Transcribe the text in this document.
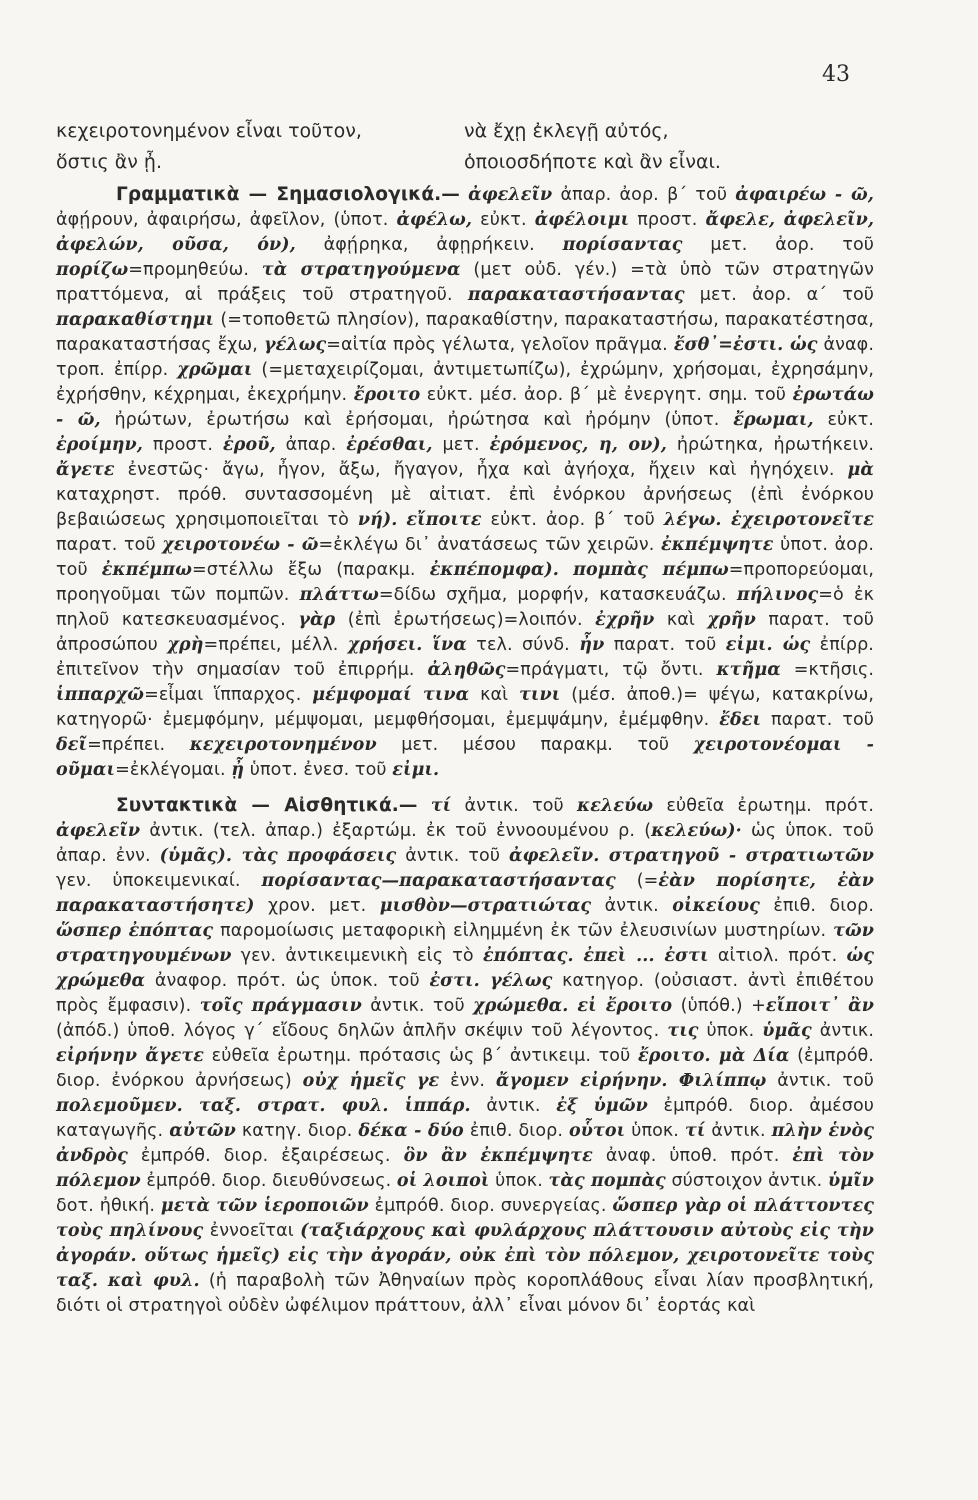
43
κεχειροτονημένον εἶναι τοῦτον,	νὰ ἔχῃ ἐκλεγῇ αὐτός,
ὅστις ἂν ᾖ.	ὁποιοσδήποτε καὶ ἂν εἶναι.

Γραμματικὰ — Σημασιολογικά.— ἀφελεῖν ἀπαρ. ἀορ. β΄ τοῦ ἀφαιρέω - ῶ, ἀφῄρουν, ἀφαιρήσω, ἀφεῖλον, (ὑποτ. ἀφέλω, εὐκτ. ἀφέλοιμι προστ. ἄφελε, ἀφελεῖν, ἀφελών, οῦσα, όν), ἀφῄρηκα, ἀφῃρήκειν. πορίσαντας μετ. ἀορ. τοῦ πορίζω=προμηθεύω. τὰ στρατηγούμενα (μετ οὐδ. γέν.) =τὰ ὑπὸ τῶν στρατηγῶν πραττόμενα, αἱ πράξεις τοῦ στρατηγοῦ. παρακαταστήσαντας μετ. ἀορ. α΄ τοῦ παρακαθίστημι (=τοποθετῶ πλησίον), παρακαθίστην, παρακαταστήσω, παρακατέστησα, παρακαταστήσας ἔχω, γέλως=αἰτία πρὸς γέλωτα, γελοῖον πρᾶγμα. ἔσθ᾽=ἐστι. ὡς ἀναφ. τροπ. ἐπίρρ. χρῶμαι (=μεταχειρίζομαι, ἀντιμετωπίζω), ἐχρώμην, χρήσομαι, ἐχρησάμην, ἐχρήσθην, κέχρημαι, ἐκεχρήμην. ἔροιτο εὐκτ. μέσ. ἀορ. β΄ μὲ ἐνεργητ. σημ. τοῦ ἐρωτάω - ῶ, ἠρώτων, ἐρωτήσω καὶ ἐρήσομαι, ἠρώτησα καὶ ἠρόμην (ὑποτ. ἔρωμαι, εὐκτ. ἐροίμην, προστ. ἐροῦ, ἀπαρ. ἐρέσθαι, μετ. ἐρόμενος, η, ον), ἠρώτηκα, ἠρωτήκειν. ἄγετε ἐνεστῶς· ἄγω, ἦγον, ἄξω, ἤγαγον, ἦχα καὶ ἀγήοχα, ἤχειν καὶ ἠγηόχειν. μὰ καταχρηστ. πρόθ. συντασσομένη μὲ αἰτιατ. ἐπὶ ἐνόρκου ἀρνήσεως (ἐπὶ ἐνόρκου βεβαιώσεως χρησιμοποιεῖται τὸ νή). εἴποιτε εὐκτ. ἀορ. β΄ τοῦ λέγω. ἐχειροτονεῖτε παρατ. τοῦ χειροτονέω - ῶ=ἐκλέγω δι᾽ ἀνατάσεως τῶν χειρῶν. ἐκπέμψητε ὑποτ. ἀορ. τοῦ ἐκπέμπω=στέλλω ἔξω (παρακμ. ἐκπέπομφα). πομπὰς πέμπω=προπορεύομαι, προηγοῦμαι τῶν πομπῶν. πλάττω=δίδω σχῆμα, μορφήν, κατασκευάζω. πήλινος=ὁ ἐκ πηλοῦ κατεσκευασμένος. γὰρ (ἐπὶ ἐρωτήσεως)=λοιπόν. ἐχρῆν καὶ χρῆν παρατ. τοῦ ἀπροσώπου χρὴ=πρέπει, μέλλ. χρήσει. ἵνα τελ. σύνδ. ἦν παρατ. τοῦ εἰμι. ὡς ἐπίρρ. ἐπιτεῖνον τὴν σημασίαν τοῦ ἐπιρρήμ. ἀληθῶς=πράγματι, τῷ ὄντι. κτῆμα =κτῆσις. ἱππαρχῶ=εἶμαι ἵππαρχος. μέμφομαί τινα καὶ τινι (μέσ. ἀποθ.)= ψέγω, κατακρίνω, κατηγορῶ· ἐμεμφόμην, μέμψομαι, μεμφθήσομαι, ἐμεμψάμην, ἐμέμφθην. ἔδει παρατ. τοῦ δεῖ=πρέπει. κεχειροτονημένον μετ. μέσου παρακμ. τοῦ χειροτονέομαι - οῦμαι=ἐκλέγομαι. ᾖ ὑποτ. ἐνεσ. τοῦ εἰμι.

Συντακτικὰ — Αἰσθητικά.— τί ἀντικ. τοῦ κελεύω εὐθεῖα ἐρωτημ. πρότ. ἀφελεῖν ἀντικ. (τελ. ἀπαρ.) ἐξαρτώμ. ἐκ τοῦ ἐννοουμένου ρ. (κελεύω)· ὡς ὑποκ. τοῦ ἀπαρ. ἐνν. (ὑμᾶς). τὰς προφάσεις ἀντικ. τοῦ ἀφελεῖν. στρατηγοῦ - στρατιωτῶν γεν. ὑποκειμενικαί. πορίσαντας—παρακαταστήσαντας (=ἐὰν πορίσητε, ἐὰν παρακαταστήσητε) χρον. μετ. μισθὸν—στρατιώτας ἀντικ. οἰκείους ἐπιθ. διορ. ὥσπερ ἐπόπτας παρομοίωσις μεταφορικὴ εἰλημμένη ἐκ τῶν ἐλευσινίων μυστηρίων. τῶν στρατηγουμένων γεν. ἀντικειμενικὴ εἰς τὸ ἐπόπτας. ἐπεὶ ... ἐστι αἰτιολ. πρότ. ὡς χρώμεθα ἀναφορ. πρότ. ὡς ὑποκ. τοῦ ἐστι. γέλως κατηγορ. (οὐσιαστ. ἀντὶ ἐπιθέτου πρὸς ἔμφασιν). τοῖς πράγμασιν ἀντικ. τοῦ χρώμεθα. εἰ ἔροιτο (ὑπόθ.) +εἴποιτ᾽ ἂν (ἀπόδ.) ὑποθ. λόγος γ΄ εἴδους δηλῶν ἁπλῆν σκέψιν τοῦ λέγοντος. τις ὑποκ. ὑμᾶς ἀντικ. εἰρήνην ἄγετε εὐθεῖα ἐρωτημ. πρότασις ὡς β΄ ἀντικειμ. τοῦ ἔροιτο. μὰ Δία (ἐμπρόθ. διορ. ἐνόρκου ἀρνήσεως) οὐχ ἡμεῖς γε ἐνν. ἄγομεν εἰρήνην. Φιλίππῳ ἀντικ. τοῦ πολεμοῦμεν. ταξ. στρατ. φυλ. ἱππάρ. ἀντικ. ἐξ ὑμῶν ἐμπρόθ. διορ. ἀμέσου καταγωγῆς. αὐτῶν κατηγ. διορ. δέκα - δύο ἐπιθ. διορ. οὗτοι ὑποκ. τί ἀντικ. πλὴν ἑνὸς ἀνδρὸς ἐμπρόθ. διορ. ἐξαιρέσεως. ὃν ἂν ἐκπέμψητε ἀναφ. ὑποθ. πρότ. ἐπὶ τὸν πόλεμον ἐμπρόθ. διορ. διευθύνσεως. οἱ λοιποὶ ὑποκ. τὰς πομπὰς σύστοιχον ἀντικ. ὑμῖν δοτ. ἠθική. μετὰ τῶν ἱεροποιῶν ἐμπρόθ. διορ. συνεργείας. ὥσπερ γὰρ οἱ πλάττοντες τοὺς πηλίνους ἐννοεῖται (ταξιάρχους καὶ φυλάρχους πλάττουσιν αὐτοὺς εἰς τὴν ἀγοράν. οὕτως ἡμεῖς) εἰς τὴν ἀγοράν, οὐκ ἐπὶ τὸν πόλεμον, χειροτονεῖτε τοὺς ταξ. καὶ φυλ. (ἡ παραβολὴ τῶν Ἀθηναίων πρὸς κοροπλάθους εἶναι λίαν προσβλητική, διότι οἱ στρατηγοὶ οὐδὲν ὠφέλιμον πράττουν, ἀλλ᾽ εἶναι μόνον δι᾽ ἑορτάς καὶ
